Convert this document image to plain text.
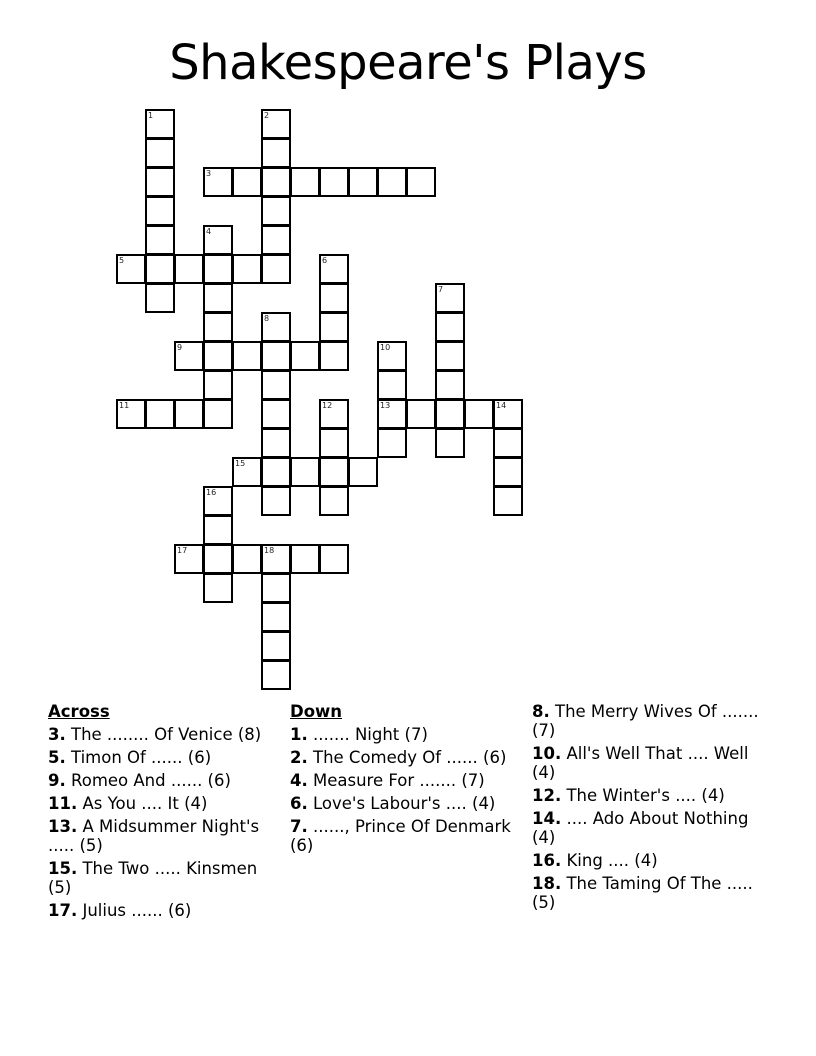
Shakespeare's Plays
1	2
3
4
5	6
7
8
9	10
13
11	12	14
15
16
17	18
Across
3. The ........ Of Venice (8)
5. Timon Of ...... (6)
9. Romeo And ...... (6)
11. As You .... It (4)
13. A Midsummer Night's ..... (5)
15. The Two ..... Kinsmen (5)
17. Julius ...... (6)
Down
1. ....... Night (7)
2. The Comedy Of ...... (6)
4. Measure For ....... (7)
6. Love's Labour's .... (4)
7. ......, Prince Of Denmark (6)
8. The Merry Wives Of ....... (7)
10. All's Well That .... Well (4)
12. The Winter's .... (4)
14. .... Ado About Nothing (4)
16. King .... (4)
18. The Taming Of The ..... (5)
